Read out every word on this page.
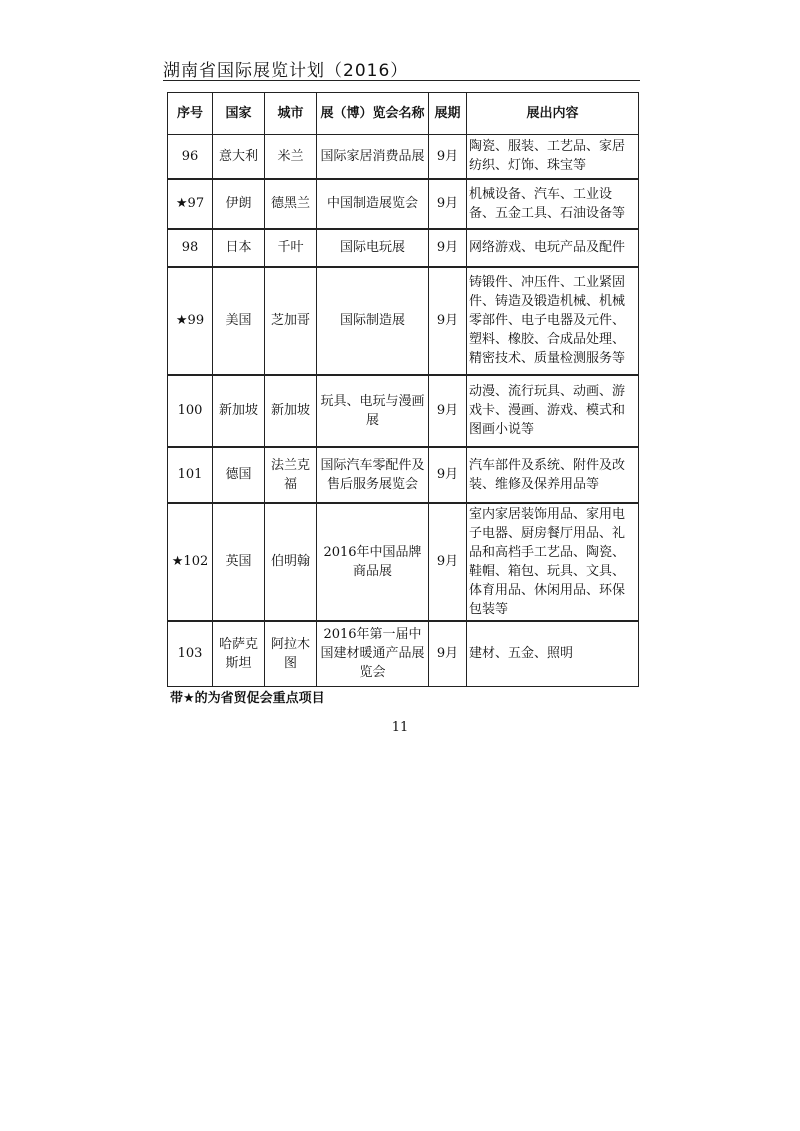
湖南省国际展览计划（2016）
序号	国家	城市	展（博）览会名称	展期	展出内容
96	意大利	米兰	国际家居消费品展	9月	陶瓷、服装、工艺品、家居纺织、灯饰、珠宝等
★97	伊朗	德黑兰	中国制造展览会	9月	机械设备、汽车、工业设备、五金工具、石油设备等
98	日本	千叶	国际电玩展	9月	网络游戏、电玩产品及配件
★99	美国	芝加哥	国际制造展	9月	铸锻件、冲压件、工业紧固件、铸造及锻造机械、机械零部件、电子电器及元件、塑料、橡胶、合成品处理、精密技术、质量检测服务等
100	新加坡	新加坡	玩具、电玩与漫画展	9月	动漫、流行玩具、动画、游戏卡、漫画、游戏、模式和图画小说等
101	德国	法兰克福	国际汽车零配件及售后服务展览会	9月	汽车部件及系统、附件及改装、维修及保养用品等
★102	英国	伯明翰	2016年中国品牌商品展	9月	室内家居装饰用品、家用电子电器、厨房餐厅用品、礼品和高档手工艺品、陶瓷、鞋帽、箱包、玩具、文具、体育用品、休闲用品、环保包装等
103	哈萨克斯坦	阿拉木图	2016年第一届中国建材暖通产品展览会	9月	建材、五金、照明
带★的为省贸促会重点项目
11
